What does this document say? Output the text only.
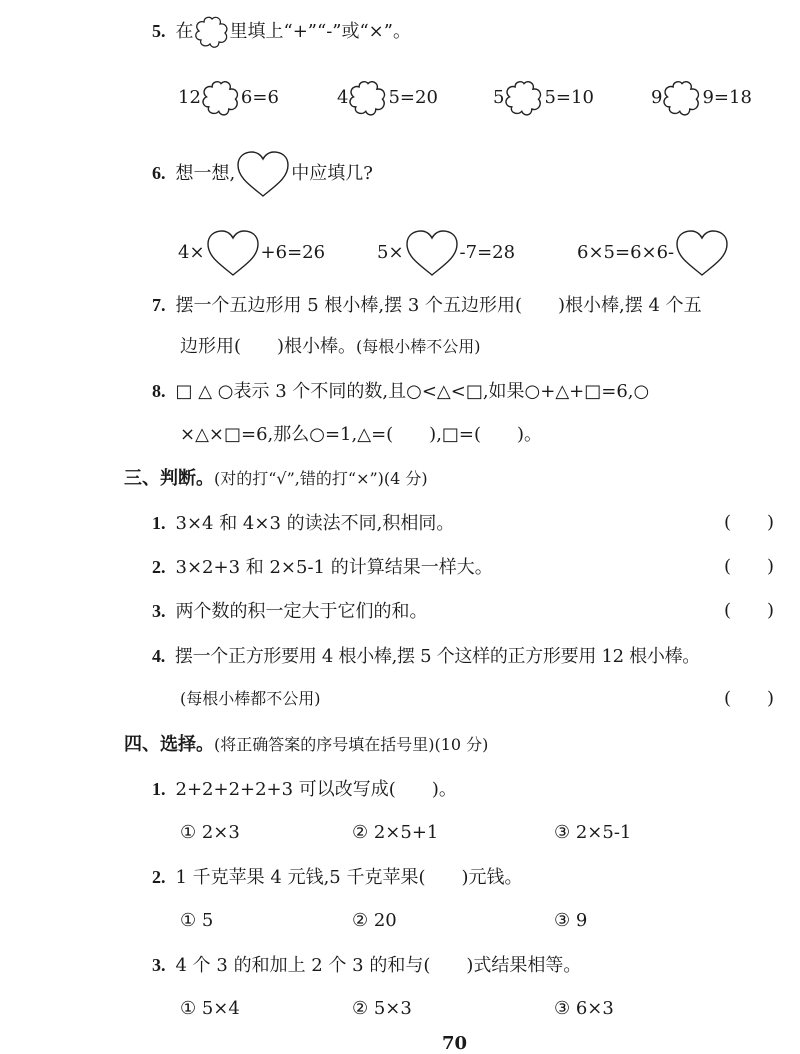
5. 在 里填上“+”“-”或“×”。
12 6=6	4 5=20	5 5=10	9 9=18
6. 想一想,	中应填几?
4×	+6=26	5×	-7=28	6×5=6×6-
7. 摆一个五边形用 5 根小棒,摆 3 个五边形用(　　)根小棒,摆 4 个五
边形用(　　)根小棒。(每根小棒不公用)
8. □ △ ○表示 3 个不同的数,且○<△<□,如果○+△+□=6,○
×△×□=6,那么○=1,△=(　　),□=(　　)。
三、判断。(对的打“√”,错的打“×”)(4 分)
1. 3×4 和 4×3 的读法不同,积相同。	(　　)
2. 3×2+3 和 2×5-1 的计算结果一样大。	(　　)
3. 两个数的积一定大于它们的和。	(　　)
4. 摆一个正方形要用 4 根小棒,摆 5 个这样的正方形要用 12 根小棒。
(每根小棒都不公用)	(　　)
四、选择。(将正确答案的序号填在括号里)(10 分)
1. 2+2+2+2+3 可以改写成(　　)。
① 2×3	② 2×5+1	③ 2×5-1
2. 1 千克苹果 4 元钱,5 千克苹果(　　)元钱。
① 5	② 20	③ 9
3. 4 个 3 的和加上 2 个 3 的和与(　　)式结果相等。
① 5×4	② 5×3	③ 6×3
70
